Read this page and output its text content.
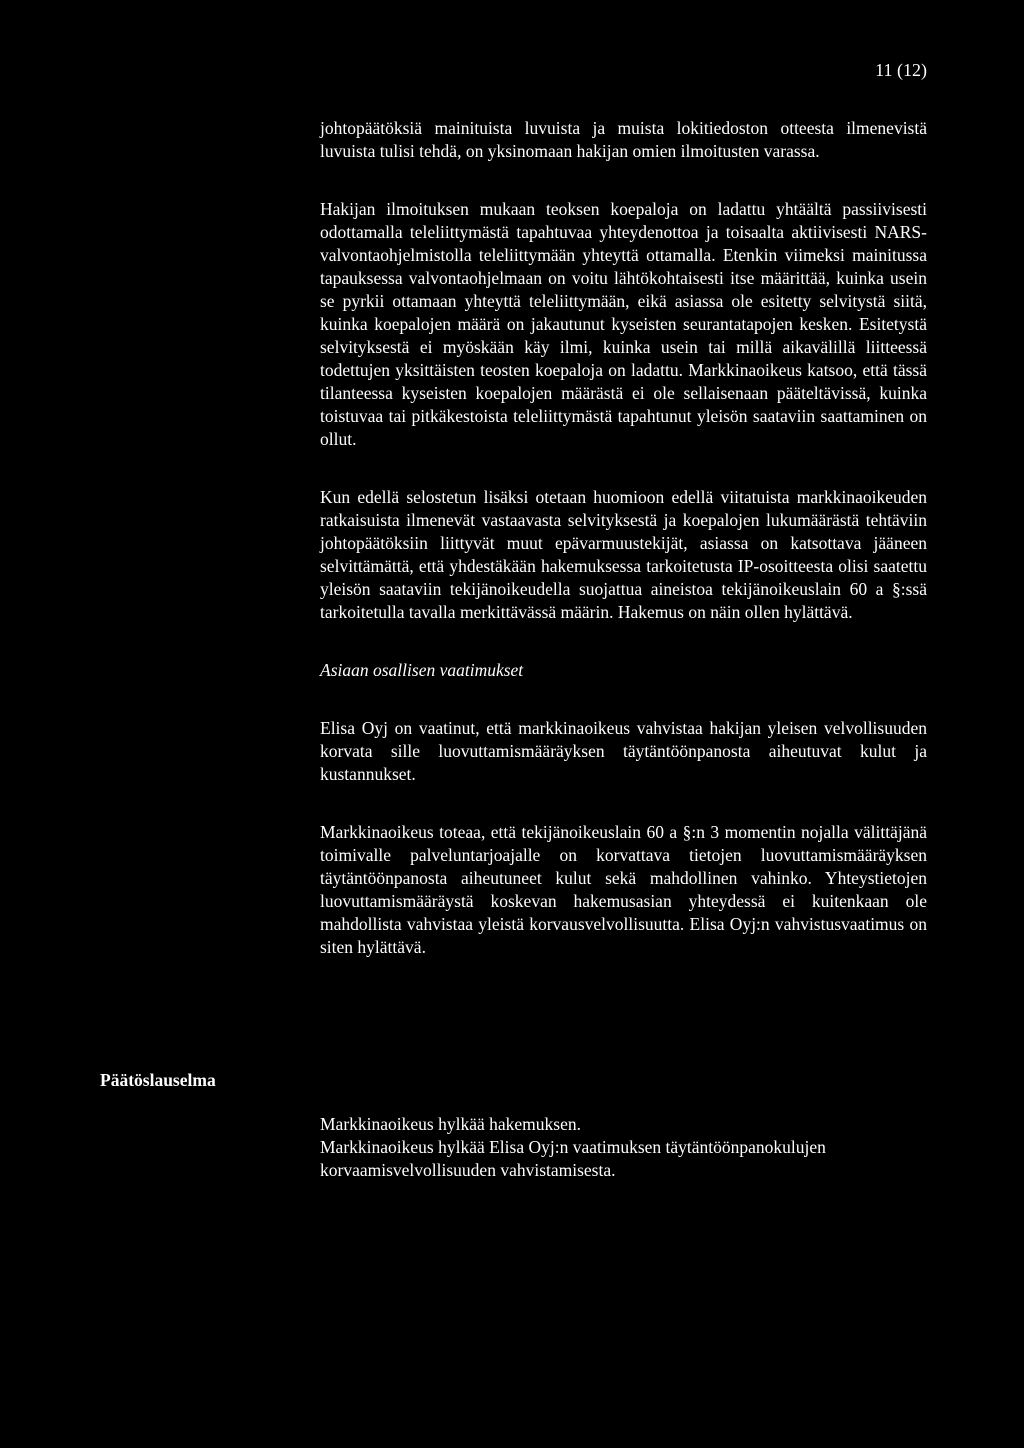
11 (12)

johtopäätöksiä mainituista luvuista ja muista lokitiedoston otteesta ilmenevistä luvuista tulisi tehdä, on yksinomaan hakijan omien ilmoitusten varassa.

Hakijan ilmoituksen mukaan teoksen koepaloja on ladattu yhtäältä passiivisesti odottamalla teleliittymästä tapahtuvaa yhteydenottoa ja toisaalta aktiivisesti NARS-valvontaohjelmistolla teleliittymään yhteyttä ottamalla. Etenkin viimeksi mainitussa tapauksessa valvontaohjelmaan on voitu lähtökohtaisesti itse määrittää, kuinka usein se pyrkii ottamaan yhteyttä teleliittymään, eikä asiassa ole esitetty selvitystä siitä, kuinka koepalojen määrä on jakautunut kyseisten seurantatapojen kesken. Esitetystä selvityksestä ei myöskään käy ilmi, kuinka usein tai millä aikavälillä liitteessä todettujen yksittäisten teosten koepaloja on ladattu. Markkinaoikeus katsoo, että tässä tilanteessa kyseisten koepalojen määrästä ei ole sellaisenaan pääteltävissä, kuinka toistuvaa tai pitkäkestoista teleliittymästä tapahtunut yleisön saataviin saattaminen on ollut.

Kun edellä selostetun lisäksi otetaan huomioon edellä viitatuista markkinaoikeuden ratkaisuista ilmenevät vastaavasta selvityksestä ja koepalojen lukumäärästä tehtäviin johtopäätöksiin liittyvät muut epävarmuustekijät, asiassa on katsottava jääneen selvittämättä, että yhdestäkään hakemuksessa tarkoitetusta IP-osoitteesta olisi saatettu yleisön saataviin tekijänoikeudella suojattua aineistoa tekijänoikeuslain 60 a §:ssä tarkoitetulla tavalla merkittävässä määrin. Hakemus on näin ollen hylättävä.

Asiaan osallisen vaatimukset

Elisa Oyj on vaatinut, että markkinaoikeus vahvistaa hakijan yleisen velvollisuuden korvata sille luovuttamismääräyksen täytäntöönpanosta aiheutuvat kulut ja kustannukset.

Markkinaoikeus toteaa, että tekijänoikeuslain 60 a §:n 3 momentin nojalla välittäjänä toimivalle palveluntarjoajalle on korvattava tietojen luovuttamismääräyksen täytäntöönpanosta aiheutuneet kulut sekä mahdollinen vahinko. Yhteystietojen luovuttamismääräystä koskevan hakemusasian yhteydessä ei kuitenkaan ole mahdollista vahvistaa yleistä korvausvelvollisuutta. Elisa Oyj:n vahvistusvaatimus on siten hylättävä.

Päätöslauselma

Markkinaoikeus hylkää hakemuksen.

Markkinaoikeus hylkää Elisa Oyj:n vaatimuksen täytäntöönpanokulujen korvaamisvelvollisuuden vahvistamisesta.
